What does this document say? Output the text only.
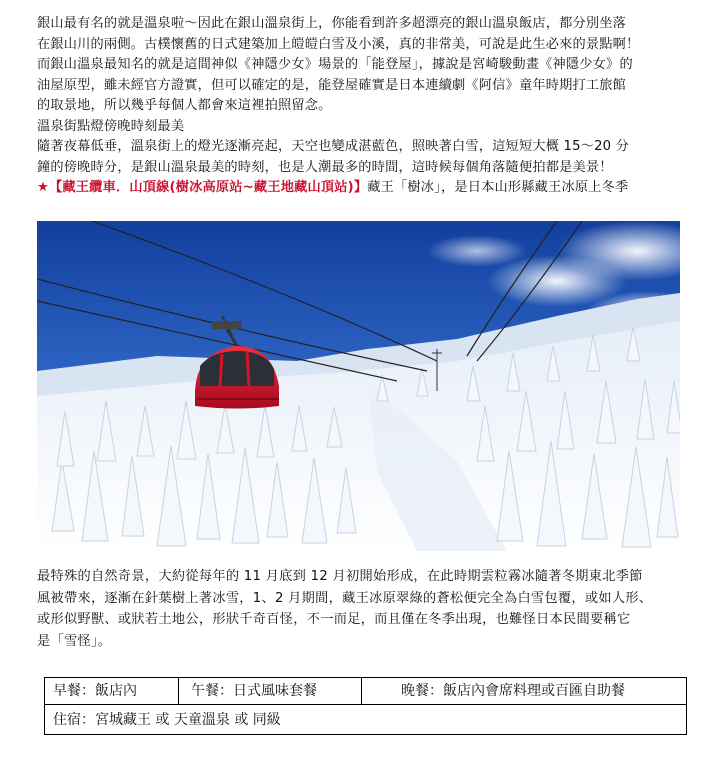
銀山最有名的就是溫泉啦～因此在銀山溫泉街上，你能看到許多超漂亮的銀山溫泉飯店，都分別坐落
在銀山川的兩側。古樸懷舊的日式建築加上皚皚白雪及小溪，真的非常美，可說是此生必來的景點啊！
而銀山溫泉最知名的就是這間神似《神隱少女》場景的「能登屋」，據說是宮崎駿動畫《神隱少女》的
油屋原型，雖未經官方證實，但可以確定的是，能登屋確實是日本連續劇《阿信》童年時期打工旅館
的取景地，所以幾乎每個人都會來這裡拍照留念。

溫泉街點燈傍晚時刻最美

隨著夜幕低垂，溫泉街上的燈光逐漸亮起，天空也變成湛藍色，照映著白雪，這短短大概 15～20 分
鐘的傍晚時分，是銀山溫泉最美的時刻，也是人潮最多的時間，這時候每個角落隨便拍都是美景！

★【藏王纜車．山頂線(樹冰高原站~藏王地藏山頂站)】藏王「樹冰」，是日本山形縣藏王冰原上冬季

最特殊的自然奇景，大約從每年的 11 月底到 12 月初開始形成，在此時期雲粒霧冰隨著冬期東北季節

風被帶來，逐漸在針葉樹上著冰雪，1、2 月期間，藏王冰原翠綠的蒼松便完全為白雪包覆，或如人形、

或形似野獸、或狀若土地公，形狀千奇百怪，不一而足，而且僅在冬季出現，也難怪日本民間要稱它

是「雪怪」。

早餐：飯店內	午餐：日式風味套餐	晚餐：飯店內會席料理或百匯自助餐
住宿：宮城藏王 或 天童溫泉 或 同級
